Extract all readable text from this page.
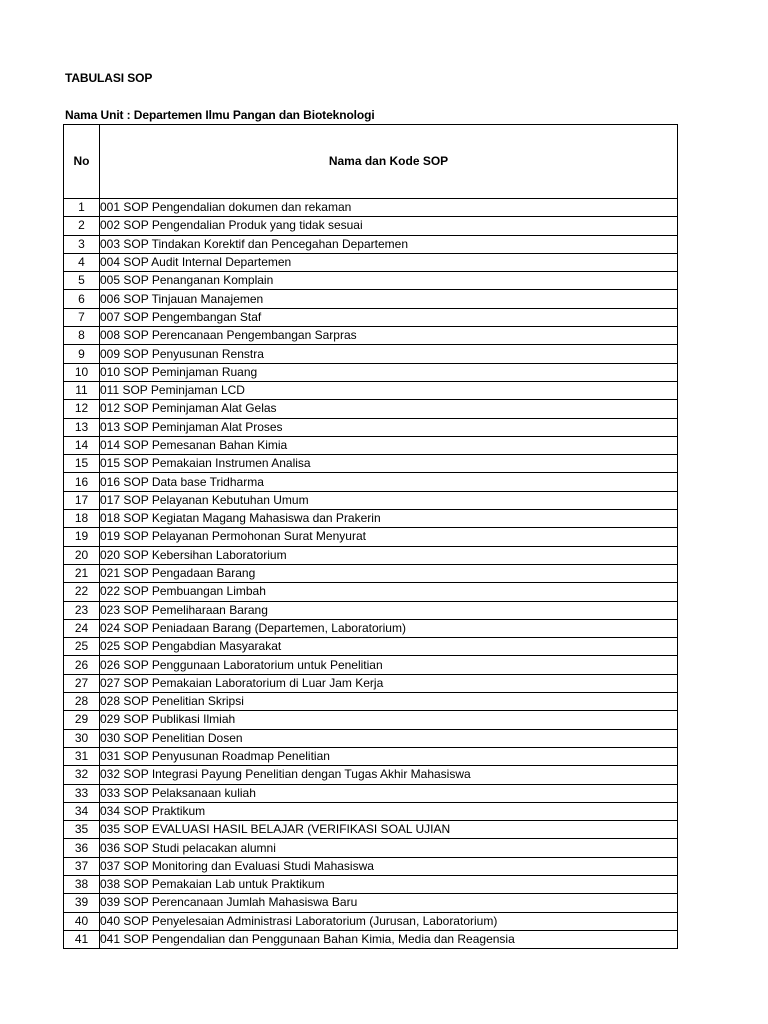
TABULASI SOP
Nama Unit : Departemen Ilmu Pangan dan Bioteknologi
No	Nama dan Kode SOP
1	001 SOP Pengendalian dokumen dan rekaman
2	002 SOP Pengendalian Produk yang tidak sesuai
3	003 SOP Tindakan Korektif dan Pencegahan Departemen
4	004 SOP Audit Internal Departemen
5	005 SOP Penanganan Komplain
6	006 SOP Tinjauan Manajemen
7	007 SOP Pengembangan Staf
8	008 SOP Perencanaan Pengembangan Sarpras
9	009 SOP Penyusunan Renstra
10	010 SOP Peminjaman Ruang
11	011 SOP Peminjaman LCD
12	012 SOP Peminjaman Alat Gelas
13	013 SOP Peminjaman Alat Proses
14	014 SOP Pemesanan Bahan Kimia
15	015 SOP Pemakaian Instrumen Analisa
16	016 SOP Data base Tridharma
17	017 SOP Pelayanan Kebutuhan Umum
18	018 SOP Kegiatan Magang Mahasiswa dan Prakerin
19	019 SOP Pelayanan Permohonan Surat Menyurat
20	020 SOP Kebersihan Laboratorium
21	021 SOP Pengadaan Barang
22	022 SOP Pembuangan Limbah
23	023 SOP Pemeliharaan Barang
24	024 SOP Peniadaan Barang (Departemen, Laboratorium)
25	025 SOP Pengabdian Masyarakat
26	026 SOP Penggunaan Laboratorium untuk Penelitian
27	027 SOP Pemakaian Laboratorium di Luar Jam Kerja
28	028 SOP Penelitian Skripsi
29	029 SOP Publikasi Ilmiah
30	030 SOP Penelitian Dosen
31	031 SOP Penyusunan Roadmap Penelitian
32	032 SOP Integrasi Payung Penelitian dengan Tugas Akhir Mahasiswa
33	033 SOP Pelaksanaan kuliah
34	034 SOP Praktikum
35	035 SOP EVALUASI HASIL BELAJAR (VERIFIKASI SOAL UJIAN
36	036 SOP Studi pelacakan alumni
37	037 SOP Monitoring dan Evaluasi Studi Mahasiswa
38	038 SOP Pemakaian Lab untuk Praktikum
39	039 SOP Perencanaan Jumlah Mahasiswa Baru
40	040 SOP Penyelesaian Administrasi Laboratorium (Jurusan, Laboratorium)
41	041 SOP Pengendalian dan Penggunaan Bahan Kimia, Media dan Reagensia
